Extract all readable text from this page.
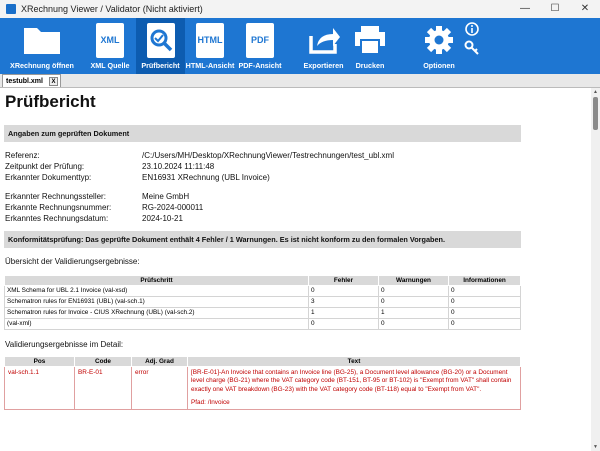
XRechnung Viewer / Validator (Nicht aktiviert)	—	☐	✕
XRechnung öffnen
XML
XML Quelle Prüfbericht
HTML
HTML-Ansicht
PDF
PDF-Ansicht	Exportieren Drucken	Optionen
testubl.xml	X
Prüfbericht
Angaben zum geprüften Dokument
Referenz:	/C:/Users/MH/Desktop/XRechnungViewer/Testrechnungen/test_ubl.xml
Zeitpunkt der Prüfung:	23.10.2024 11:11:48
Erkannter Dokumenttyp:	EN16931 XRechnung (UBL Invoice)
Erkannter Rechnungssteller:	Meine GmbH
Erkannte Rechnungsnummer:	RG-2024-000011
Erkanntes Rechnungsdatum:	2024-10-21
Konformitätsprüfung: Das geprüfte Dokument enthält 4 Fehler / 1 Warnungen. Es ist nicht konform zu den formalen Vorgaben.
Übersicht der Validierungsergebnisse:
Prüfschritt	Fehler	Warnungen	Informationen
XML Schema for UBL 2.1 Invoice (val-xsd)	0	0	0
Schematron rules for EN16931 (UBL) (val-sch.1)	3	0	0
Schematron rules for Invoice - CIUS XRechnung (UBL) (val-sch.2)	1	1	0
(val-xml)	0	0	0
Validierungsergebnisse im Detail:
Pos	Code	Adj. Grad	Text
val-sch.1.1	BR-E-01	error	[BR-E-01]-An Invoice that contains an Invoice line (BG-25), a Document level allowance (BG-20) or a Document level charge (BG-21) where the VAT category code (BT-151, BT-95 or BT-102) is "Exempt from VAT" shall contain exactly one VAT breakdown (BG-23) with the VAT category code (BT-118) equal to "Exempt from VAT".
Pfad: /Invoice
▲
▼
